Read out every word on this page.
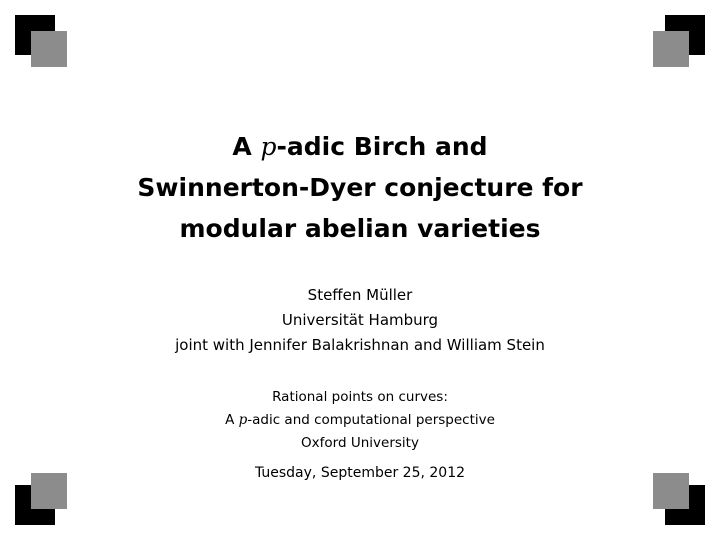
A p-adic Birch and
Swinnerton-Dyer conjecture for
modular abelian varieties
Steffen Müller
Universität Hamburg
joint with Jennifer Balakrishnan and William Stein
Rational points on curves:
A p-adic and computational perspective
Oxford University
Tuesday, September 25, 2012
